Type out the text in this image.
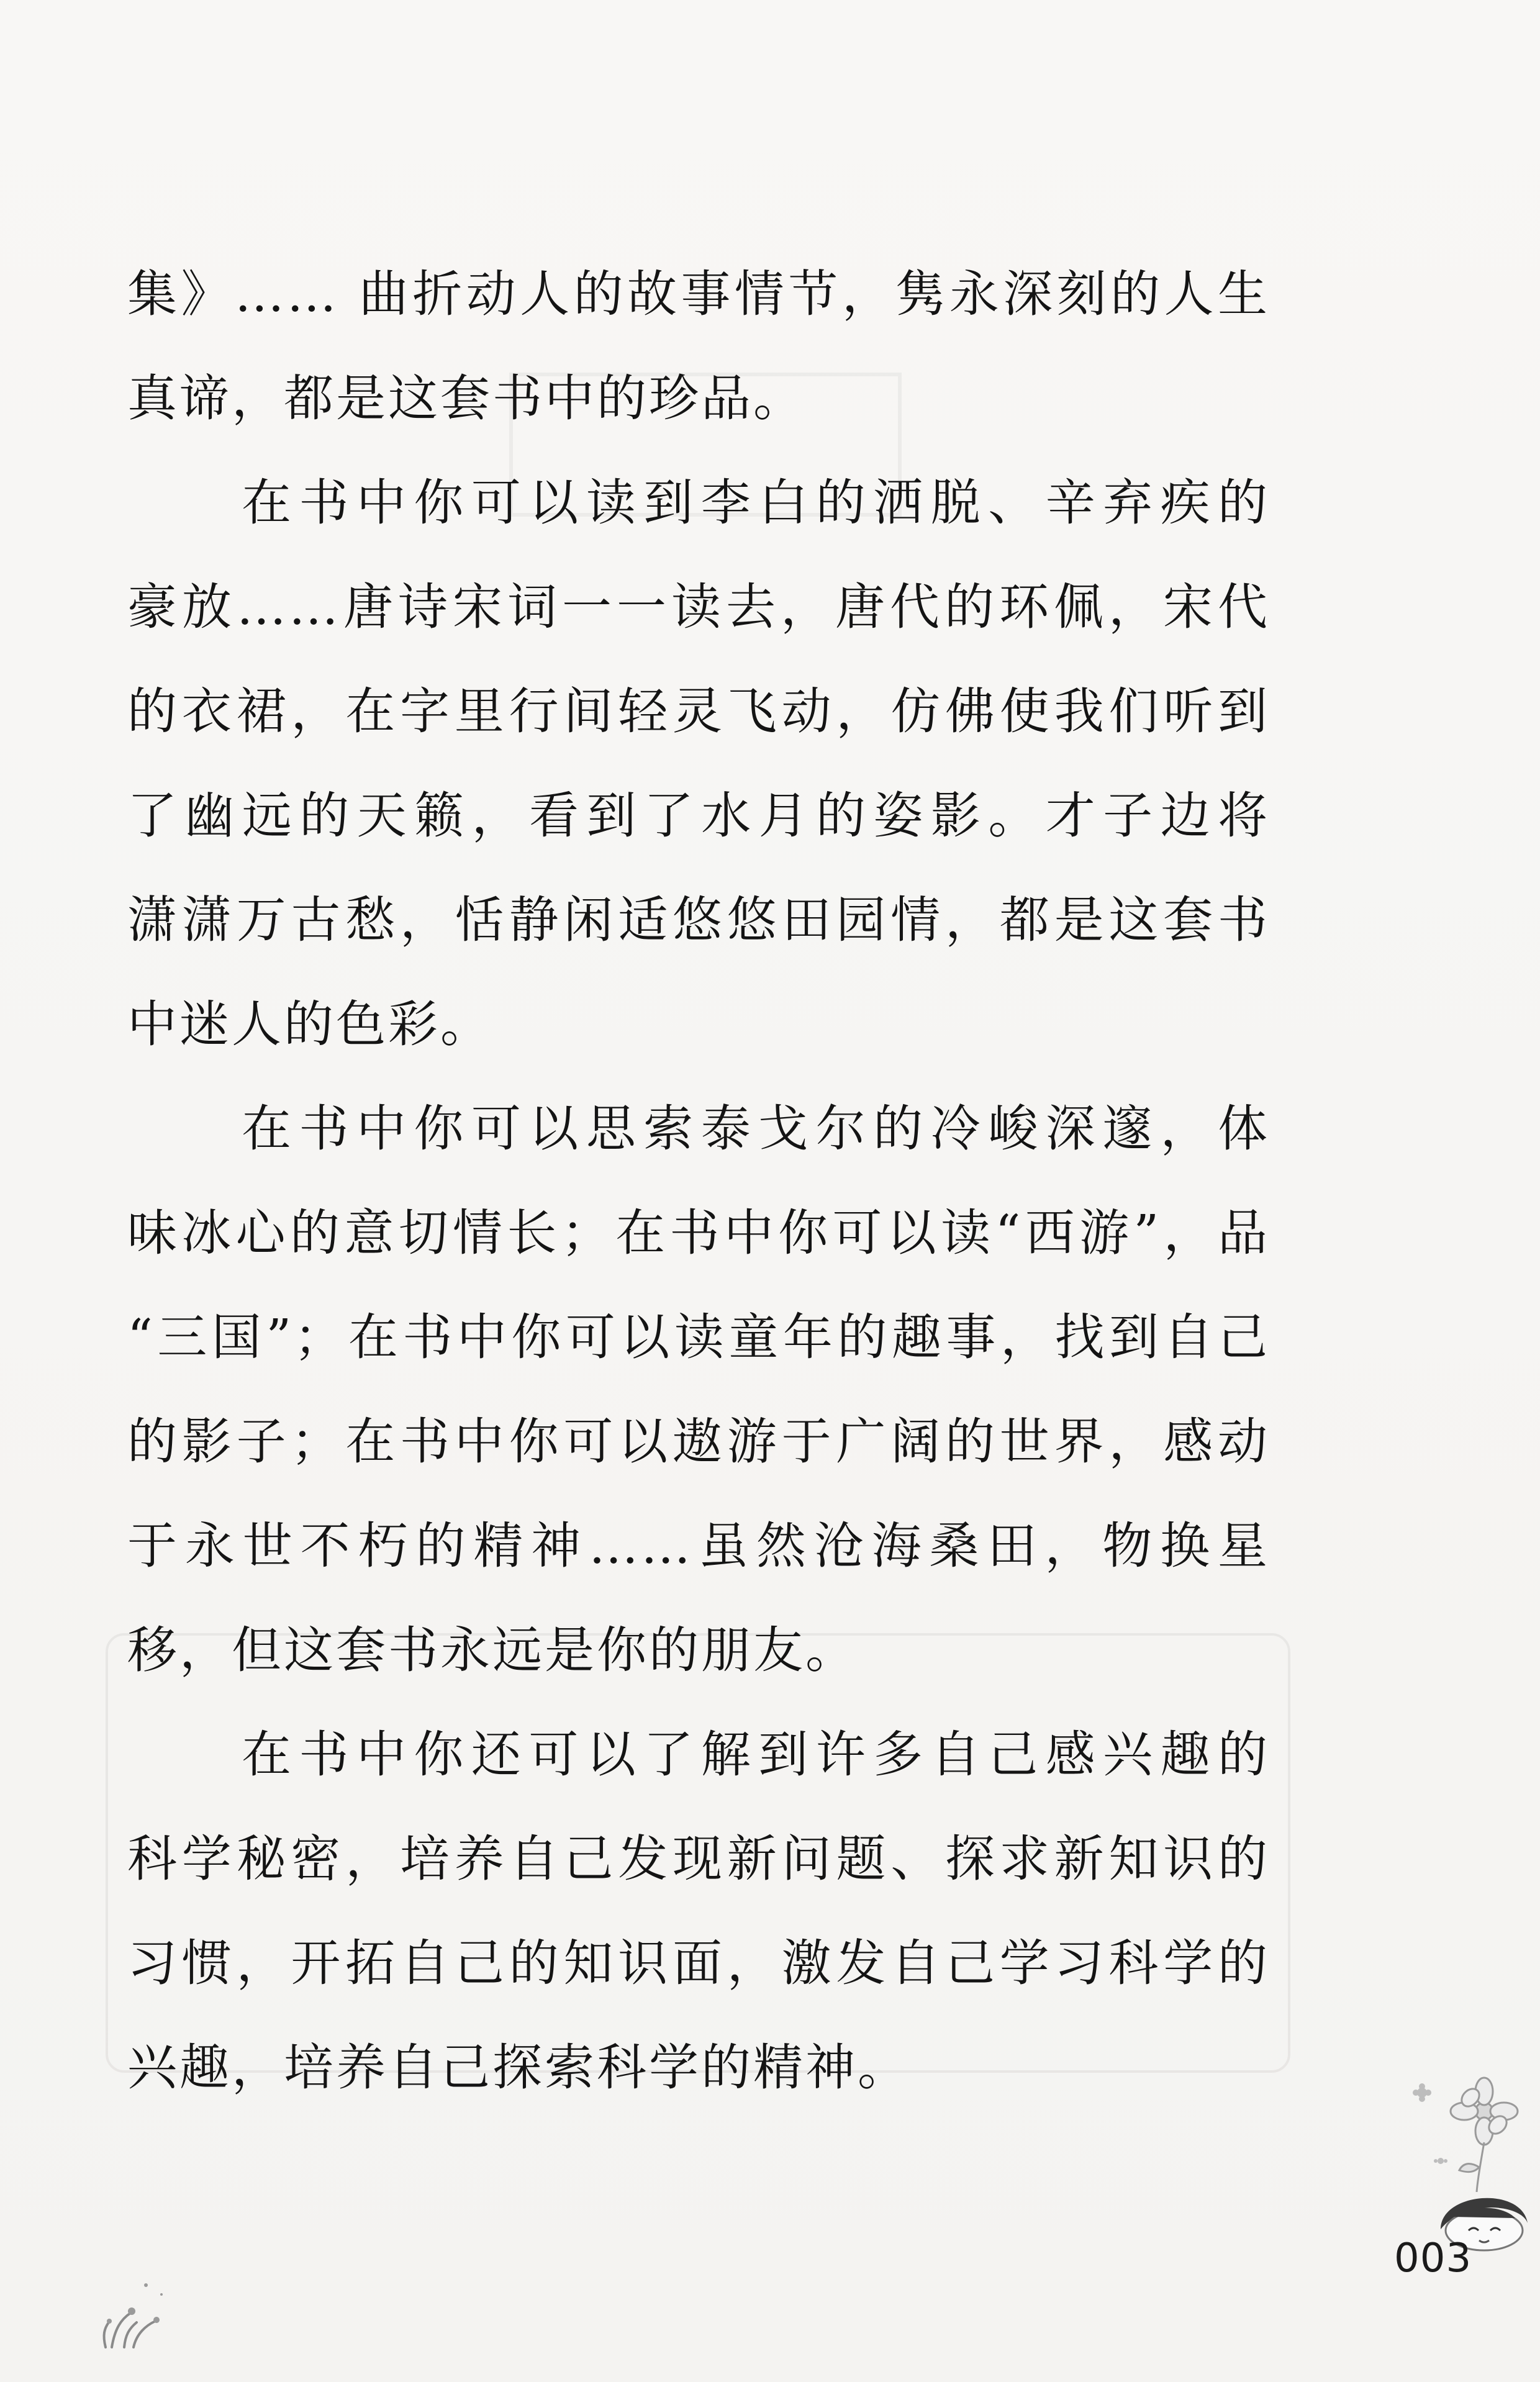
集》…… 曲折动人的故事情节，隽永深刻的人生
真谛，都是这套书中的珍品。
在书中你可以读到李白的洒脱、辛弃疾的
豪放……唐诗宋词一一读去，唐代的环佩，宋代
的衣裙，在字里行间轻灵飞动，仿佛使我们听到
了幽远的天籁，看到了水月的姿影。才子边将
潇潇万古愁，恬静闲适悠悠田园情，都是这套书
中迷人的色彩。
在书中你可以思索泰戈尔的冷峻深邃，体
味冰心的意切情长；在书中你可以读“西游”，品
“三国”；在书中你可以读童年的趣事，找到自己
的影子；在书中你可以遨游于广阔的世界，感动
于永世不朽的精神……虽然沧海桑田，物换星
移，但这套书永远是你的朋友。
在书中你还可以了解到许多自己感兴趣的
科学秘密，培养自己发现新问题、探求新知识的
习惯，开拓自己的知识面，激发自己学习科学的
兴趣，培养自己探索科学的精神。
003
